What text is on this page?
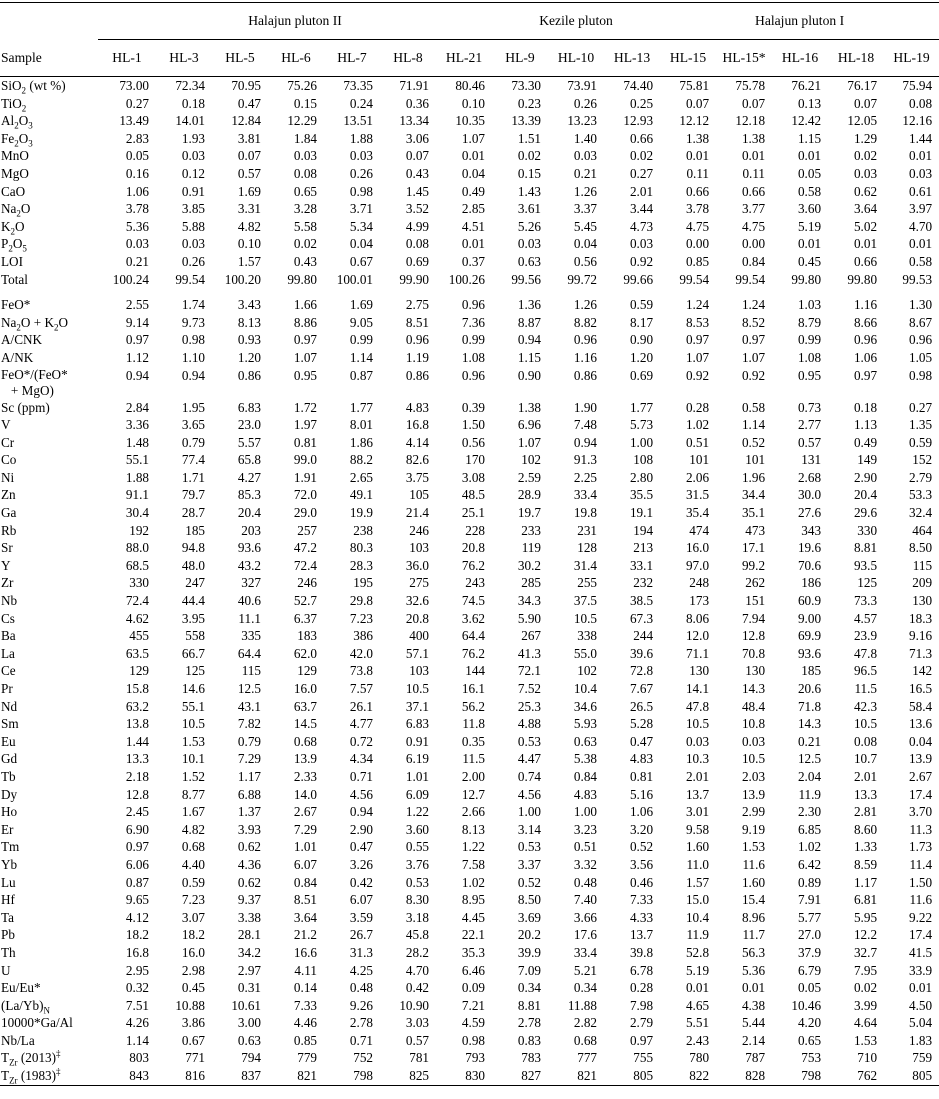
	Halajun pluton II							Kezile pluton			Halajun pluton I				
Sample	HL-1	HL-3	HL-5	HL-6	HL-7	HL-8	HL-21	HL-9	HL-10	HL-13	HL-15	HL-15*	HL-16	HL-18	HL-19
SiO$_2$ (wt %)	73.00	72.34	70.95	75.26	73.35	71.91	80.46	73.30	73.91	74.40	75.81	75.78	76.21	76.17	75.94
TiO$_2$	0.27	0.18	0.47	0.15	0.24	0.36	0.10	0.23	0.26	0.25	0.07	0.07	0.13	0.07	0.08
$Al_2O_3$	13.49	14.01	12.84	12.29	13.51	13.34	10.35	13.39	13.23	12.93	12.12	12.18	12.42	12.05	12.16
$Fe_2O_3$	2.83	1.93	3.81	1.84	1.88	3.06	1.07	1.51	1.40	0.66	1.38	1.38	1.15	1.29	1.44
MnO	0.05	0.03	0.07	0.03	0.03	0.07	0.01	0.02	0.03	0.02	0.01	0.01	0.01	0.02	0.01
MgO	0.16	0.12	0.57	0.08	0.26	0.43	0.04	0.15	0.21	0.27	0.11	0.11	0.05	0.03	0.03
CaO	1.06	0.91	1.69	0.65	0.98	1.45	0.49	1.43	1.26	2.01	0.66	0.66	0.58	0.62	0.61
$Na_2O$	3.78	3.85	3.31	3.28	3.71	3.52	2.85	3.61	3.37	3.44	3.78	3.77	3.60	3.64	3.97
$K_2O$	5.36	5.88	4.82	5.58	5.34	4.99	4.51	5.26	5.45	4.73	4.75	4.75	5.19	5.02	4.70
$P_2O_5$	0.03	0.03	0.10	0.02	0.04	0.08	0.01	0.03	0.04	0.03	0.00	0.00	0.01	0.01	0.01
LOI	0.21	0.26	1.57	0.43	0.67	0.69	0.37	0.63	0.56	0.92	0.85	0.84	0.45	0.66	0.58
Total	100.24	99.54	100.20	99.80	100.01	99.90	100.26	99.56	99.72	99.66	99.54	99.54	99.80	99.80	99.53
FeO*	2.55	1.74	3.43	1.66	1.69	2.75	0.96	1.36	1.26	0.59	1.24	1.24	1.03	1.16	1.30
$Na_2O + K_2O$	9.14	9.73	8.13	8.86	9.05	8.51	7.36	8.87	8.82	8.17	8.53	8.52	8.79	8.66	8.67
A/CNK	0.97	0.98	0.93	0.97	0.99	0.96	0.99	0.94	0.96	0.90	0.97	0.97	0.99	0.96	0.96
A/NK	1.12	1.10	1.20	1.07	1.14	1.19	1.08	1.15	1.16	1.20	1.07	1.07	1.08	1.06	1.05
FeO*/(FeO*
+ MgO)	0.94	0.94	0.86	0.95	0.87	0.86	0.96	0.90	0.86	0.69	0.92	0.92	0.95	0.97	0.98
Sc (ppm)	2.84	1.95	6.83	1.72	1.77	4.83	0.39	1.38	1.90	1.77	0.28	0.58	0.73	0.18	0.27
V	3.36	3.65	23.0	1.97	8.01	16.8	1.50	6.96	7.48	5.73	1.02	1.14	2.77	1.13	1.35
Cr	1.48	0.79	5.57	0.81	1.86	4.14	0.56	1.07	0.94	1.00	0.51	0.52	0.57	0.49	0.59
Co	55.1	77.4	65.8	99.0	88.2	82.6	170	102	91.3	108	101	101	131	149	152
Ni	1.88	1.71	4.27	1.91	2.65	3.75	3.08	2.59	2.25	2.80	2.06	1.96	2.68	2.90	2.79
Zn	91.1	79.7	85.3	72.0	49.1	105	48.5	28.9	33.4	35.5	31.5	34.4	30.0	20.4	53.3
Ga	30.4	28.7	20.4	29.0	19.9	21.4	25.1	19.7	19.8	19.1	35.4	35.1	27.6	29.6	32.4
Rb	192	185	203	257	238	246	228	233	231	194	474	473	343	330	464
Sr	88.0	94.8	93.6	47.2	80.3	103	20.8	119	128	213	16.0	17.1	19.6	8.81	8.50
Y	68.5	48.0	43.2	72.4	28.3	36.0	76.2	30.2	31.4	33.1	97.0	99.2	70.6	93.5	115
Zr	330	247	327	246	195	275	243	285	255	232	248	262	186	125	209
Nb	72.4	44.4	40.6	52.7	29.8	32.6	74.5	34.3	37.5	38.5	173	151	60.9	73.3	130
Cs	4.62	3.95	11.1	6.37	7.23	20.8	3.62	5.90	10.5	67.3	8.06	7.94	9.00	4.57	18.3
Ba	455	558	335	183	386	400	64.4	267	338	244	12.0	12.8	69.9	23.9	9.16
La	63.5	66.7	64.4	62.0	42.0	57.1	76.2	41.3	55.0	39.6	71.1	70.8	93.6	47.8	71.3
Ce	129	125	115	129	73.8	103	144	72.1	102	72.8	130	130	185	96.5	142
Pr	15.8	14.6	12.5	16.0	7.57	10.5	16.1	7.52	10.4	7.67	14.1	14.3	20.6	11.5	16.5
Nd	63.2	55.1	43.1	63.7	26.1	37.1	56.2	25.3	34.6	26.5	47.8	48.4	71.8	42.3	58.4
Sm	13.8	10.5	7.82	14.5	4.77	6.83	11.8	4.88	5.93	5.28	10.5	10.8	14.3	10.5	13.6
Eu	1.44	1.53	0.79	0.68	0.72	0.91	0.35	0.53	0.63	0.47	0.03	0.03	0.21	0.08	0.04
Gd	13.3	10.1	7.29	13.9	4.34	6.19	11.5	4.47	5.38	4.83	10.3	10.5	12.5	10.7	13.9
Tb	2.18	1.52	1.17	2.33	0.71	1.01	2.00	0.74	0.84	0.81	2.01	2.03	2.04	2.01	2.67
Dy	12.8	8.77	6.88	14.0	4.56	6.09	12.7	4.56	4.83	5.16	13.7	13.9	11.9	13.3	17.4
Ho	2.45	1.67	1.37	2.67	0.94	1.22	2.66	1.00	1.00	1.06	3.01	2.99	2.30	2.81	3.70
Er	6.90	4.82	3.93	7.29	2.90	3.60	8.13	3.14	3.23	3.20	9.58	9.19	6.85	8.60	11.3
Tm	0.97	0.68	0.62	1.01	0.47	0.55	1.22	0.53	0.51	0.52	1.60	1.53	1.02	1.33	1.73
Yb	6.06	4.40	4.36	6.07	3.26	3.76	7.58	3.37	3.32	3.56	11.0	11.6	6.42	8.59	11.4
Lu	0.87	0.59	0.62	0.84	0.42	0.53	1.02	0.52	0.48	0.46	1.57	1.60	0.89	1.17	1.50
Hf	9.65	7.23	9.37	8.51	6.07	8.30	8.95	8.50	7.40	7.33	15.0	15.4	7.91	6.81	11.6
Ta	4.12	3.07	3.38	3.64	3.59	3.18	4.45	3.69	3.66	4.33	10.4	8.96	5.77	5.95	9.22
Pb	18.2	18.2	28.1	21.2	26.7	45.8	22.1	20.2	17.6	13.7	11.9	11.7	27.0	12.2	17.4
Th	16.8	16.0	34.2	16.6	31.3	28.2	35.3	39.9	33.4	39.8	52.8	56.3	37.9	32.7	41.5
U	2.95	2.98	2.97	4.11	4.25	4.70	6.46	7.09	5.21	6.78	5.19	5.36	6.79	7.95	33.9
Eu/Eu*	0.32	0.45	0.31	0.14	0.48	0.42	0.09	0.34	0.34	0.28	0.01	0.01	0.05	0.02	0.01
$(La/Yb)_N$	7.51	10.88	10.61	7.33	9.26	10.90	7.21	8.81	11.88	7.98	4.65	4.38	10.46	3.99	4.50
10000*Ga/Al	4.26	3.86	3.00	4.46	2.78	3.03	4.59	2.78	2.82	2.79	5.51	5.44	4.20	4.64	5.04
Nb/La	1.14	0.67	0.63	0.85	0.71	0.57	0.98	0.83	0.68	0.97	2.43	2.14	0.65	1.53	1.83
$T_{Zr}$ (2013)‡	803	771	794	779	752	781	793	783	777	755	780	787	753	710	759
$T_{Zr}$ (1983)‡	843	816	837	821	798	825	830	827	821	805	822	828	798	762	805
